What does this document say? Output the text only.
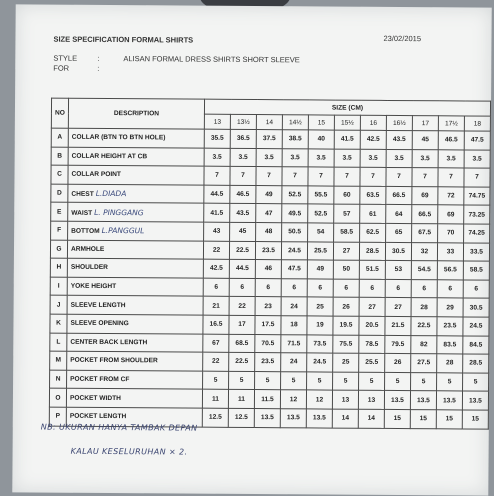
SIZE SPECIFICATION FORMAL SHIRTS	23/02/2015
STYLE
FOR
:
:
ALISAN FORMAL DRESS SHIRTS SHORT SLEEVE
NO	DESCRIPTION	SIZE (CM)										
		13	13½	14	14½	15	15½	16	16½	17	17½	18
A	COLLAR (BTN TO BTN HOLE)	35.5	36.5	37.5	38.5	40	41.5	42.5	43.5	45	46.5	47.5
B	COLLAR HEIGHT AT CB	3.5	3.5	3.5	3.5	3.5	3.5	3.5	3.5	3.5	3.5	3.5
C	COLLAR POINT	7	7	7	7	7	7	7	7	7	7	7
D	CHEST L.DIADA	44.5	46.5	49	52.5	55.5	60	63.5	66.5	69	72	74.75
E	WAIST L. PINGGANG	41.5	43.5	47	49.5	52.5	57	61	64	66.5	69	73.25
F	BOTTOM L.PANGGUL	43	45	48	50.5	54	58.5	62.5	65	67.5	70	74.25
G	ARMHOLE	22	22.5	23.5	24.5	25.5	27	28.5	30.5	32	33	33.5
H	SHOULDER	42.5	44.5	46	47.5	49	50	51.5	53	54.5	56.5	58.5
I	YOKE HEIGHT	6	6	6	6	6	6	6	6	6	6	6
J	SLEEVE LENGTH	21	22	23	24	25	26	27	27	28	29	30.5
K	SLEEVE OPENING	16.5	17	17.5	18	19	19.5	20.5	21.5	22.5	23.5	24.5
L	CENTER BACK LENGTH	67	68.5	70.5	71.5	73.5	75.5	78.5	79.5	82	83.5	84.5
M	POCKET FROM SHOULDER	22	22.5	23.5	24	24.5	25	25.5	26	27.5	28	28.5
N	POCKET FROM CF	5	5	5	5	5	5	5	5	5	5	5
O	POCKET WIDTH	11	11	11.5	12	12	13	13	13.5	13.5	13.5	13.5
P	POCKET LENGTH	12.5	12.5	13.5	13.5	13.5	14	14	15	15	15	15
NB: UKURAN HANYA TAMBAK DEPAN
KALAU KESELURUHAN × 2.
